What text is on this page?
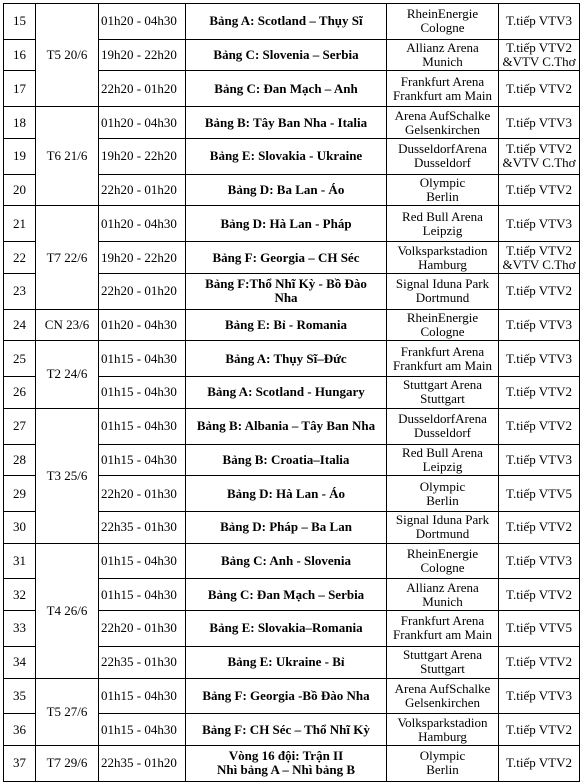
15	T5 20/6	01h20 - 04h30	Bảng A: Scotland – Thụy Sĩ	RheinEnergie
Cologne	T.tiếp VTV3

16		19h20 - 22h20	Bảng C: Slovenia – Serbia	Allianz Arena
Munich	T.tiếp VTV2
&VTV C.Thơ

17		22h20 - 01h20	Bảng C: Đan Mạch – Anh	Frankfurt Arena
Frankfurt am Main	T.tiếp VTV2

18	T6 21/6	01h20 - 04h30	Bảng B: Tây Ban Nha - Italia	Arena AufSchalke
Gelsenkirchen	T.tiếp VTV3

19		19h20 - 22h20	Bảng E: Slovakia - Ukraine	DusseldorfArena
Dusseldorf	T.tiếp VTV2
&VTV C.Thơ

20		22h20 - 01h20	Bảng D: Ba Lan - Áo	Olympic
Berlin	T.tiếp VTV2

21	T7 22/6	01h20 - 04h30	Bảng D: Hà Lan - Pháp	Red Bull Arena
Leipzig	T.tiếp VTV3

22		19h20 - 22h20	Bảng F: Georgia – CH Séc	Volksparkstadion
Hamburg	T.tiếp VTV2
&VTV C.Thơ

23		22h20 - 01h20	Bảng F:Thổ Nhĩ Kỳ - Bồ Đào
Nha	Signal Iduna Park
Dortmund	T.tiếp VTV2

24	CN 23/6	01h20 - 04h30	Bảng E: Bỉ - Romania	RheinEnergie
Cologne	T.tiếp VTV3

25	T2 24/6	01h15 - 04h30	Bảng A: Thụy Sĩ–Đức	Frankfurt Arena
Frankfurt am Main	T.tiếp VTV3

26		01h15 - 04h30	Bảng A: Scotland - Hungary	Stuttgart Arena
Stuttgart	T.tiếp VTV2

27	T3 25/6	01h15 - 04h30	Bảng B: Albania – Tây Ban Nha	DusseldorfArena
Dusseldorf	T.tiếp VTV2

28		01h15 - 04h30	Bảng B: Croatia–Italia	Red Bull Arena
Leipzig	T.tiếp VTV3

29		22h20 - 01h30	Bảng D: Hà Lan - Áo	Olympic
Berlin	T.tiếp VTV5

30		22h35 - 01h30	Bảng D: Pháp – Ba Lan	Signal Iduna Park
Dortmund	T.tiếp VTV2

31	T4 26/6	01h15 - 04h30	Bảng C: Anh - Slovenia	RheinEnergie
Cologne	T.tiếp VTV3

32		01h15 - 04h30	Bảng C: Đan Mạch – Serbia	Allianz Arena
Munich	T.tiếp VTV2

33		22h20 - 01h30	Bảng E: Slovakia–Romania	Frankfurt Arena
Frankfurt am Main	T.tiếp VTV5

34		22h35 - 01h30	Bảng E: Ukraine - Bỉ	Stuttgart Arena
Stuttgart	T.tiếp VTV2

35	T5 27/6	01h15 - 04h30	Bảng F: Georgia -Bồ Đào Nha	Arena AufSchalke
Gelsenkirchen	T.tiếp VTV3

36		01h15 - 04h30	Bảng F: CH Séc – Thổ Nhĩ Kỳ	Volksparkstadion
Hamburg	T.tiếp VTV2

37	T7 29/6	22h35 - 01h20	Vòng 16 đội: Trận II
Nhì bảng A – Nhì bảng B	Olympic
Berlin	T.tiếp VTV2
